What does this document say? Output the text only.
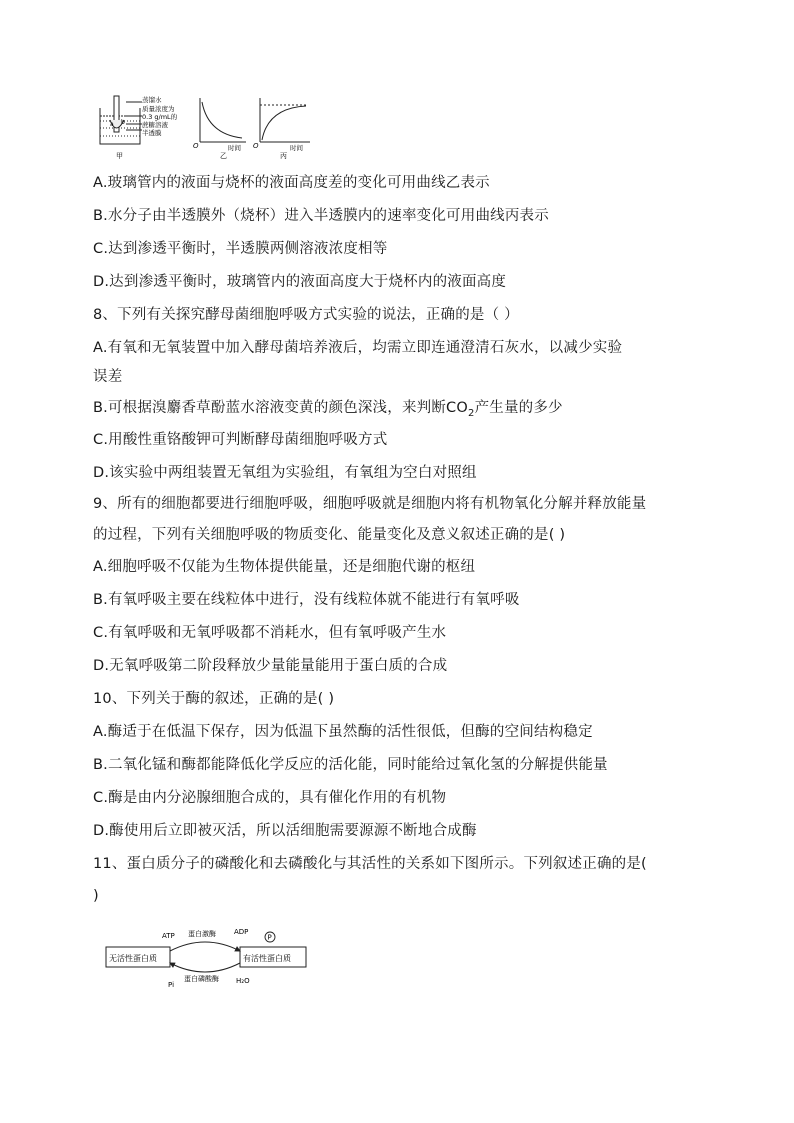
a b
蒸馏水
质量浓度为
0.3 g/mL的
蔗糖溶液
半透膜
甲
O	时间
乙
O	时间
丙
A.玻璃管内的液面与烧杯的液面高度差的变化可用曲线乙表示
B.水分子由半透膜外（烧杯）进入半透膜内的速率变化可用曲线丙表示
C.达到渗透平衡时，半透膜两侧溶液浓度相等
D.达到渗透平衡时，玻璃管内的液面高度大于烧杯内的液面高度
8、下列有关探究酵母菌细胞呼吸方式实验的说法，正确的是（ ）
A.有氧和无氧装置中加入酵母菌培养液后，均需立即连通澄清石灰水，以减少实验
误差
B.可根据溴麝香草酚蓝水溶液变黄的颜色深浅，来判断$CO_2$产生量的多少
C.用酸性重铬酸钾可判断酵母菌细胞呼吸方式
D.该实验中两组装置无氧组为实验组，有氧组为空白对照组
9、所有的细胞都要进行细胞呼吸，细胞呼吸就是细胞内将有机物氧化分解并释放能量
的过程，下列有关细胞呼吸的物质变化、能量变化及意义叙述正确的是( )
A.细胞呼吸不仅能为生物体提供能量，还是细胞代谢的枢纽
B.有氧呼吸主要在线粒体中进行，没有线粒体就不能进行有氧呼吸
C.有氧呼吸和无氧呼吸都不消耗水，但有氧呼吸产生水
D.无氧呼吸第二阶段释放少量能量能用于蛋白质的合成
10、下列关于酶的叙述，正确的是( )
A.酶适于在低温下保存，因为低温下虽然酶的活性很低，但酶的空间结构稳定
B.二氧化锰和酶都能降低化学反应的活化能，同时能给过氧化氢的分解提供能量
C.酶是由内分泌腺细胞合成的，具有催化作用的有机物
D.酶使用后立即被灭活，所以活细胞需要源源不断地合成酶
11、蛋白质分子的磷酸化和去磷酸化与其活性的关系如下图所示。下列叙述正确的是(
)
无活性蛋白质	有活性蛋白质
ATP	ADP
蛋白激酶	P
蛋白磷酸酶
Pi	H₂O
